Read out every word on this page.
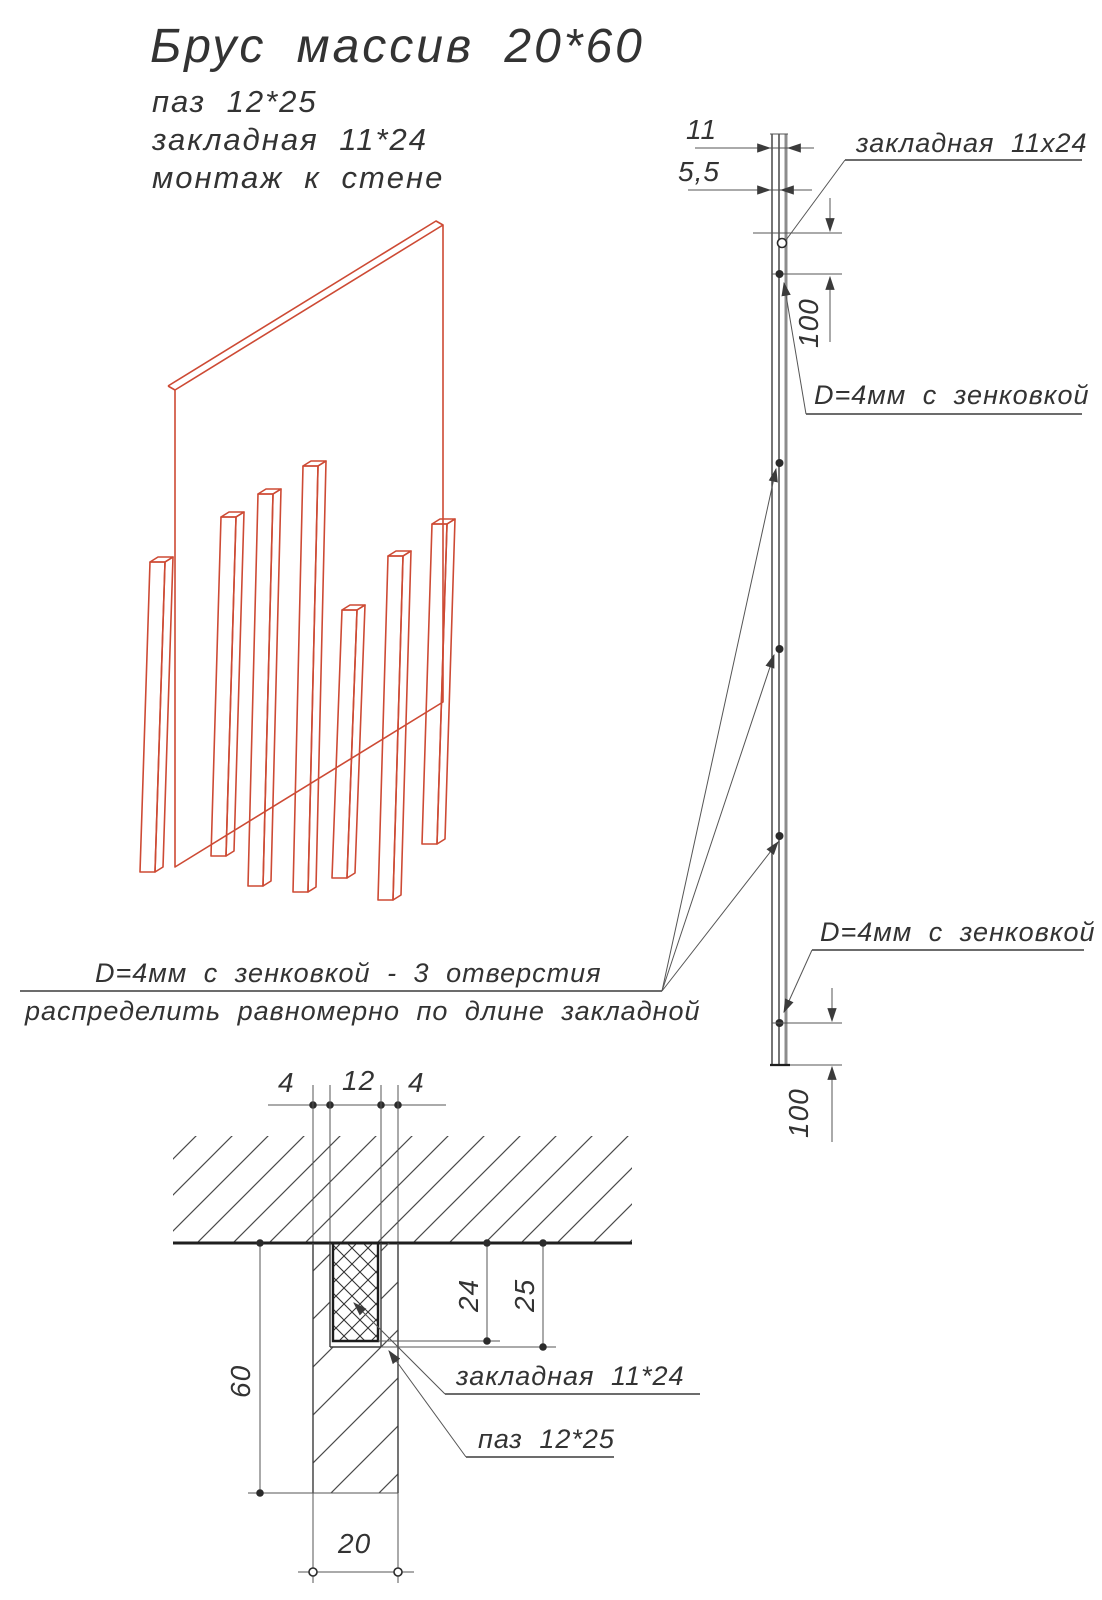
Брус массив 20*60
паз 12*25
закладная 11*24
монтаж к стене
11
5,5
100
закладная 11x24
D=4мм с зенковкой
D=4мм с зенковкой
100
D=4мм с зенковкой - 3 отверстия
распределить равномерно по длине закладной
4 12 4
24 25
60	закладная 11*24
паз 12*25
20
